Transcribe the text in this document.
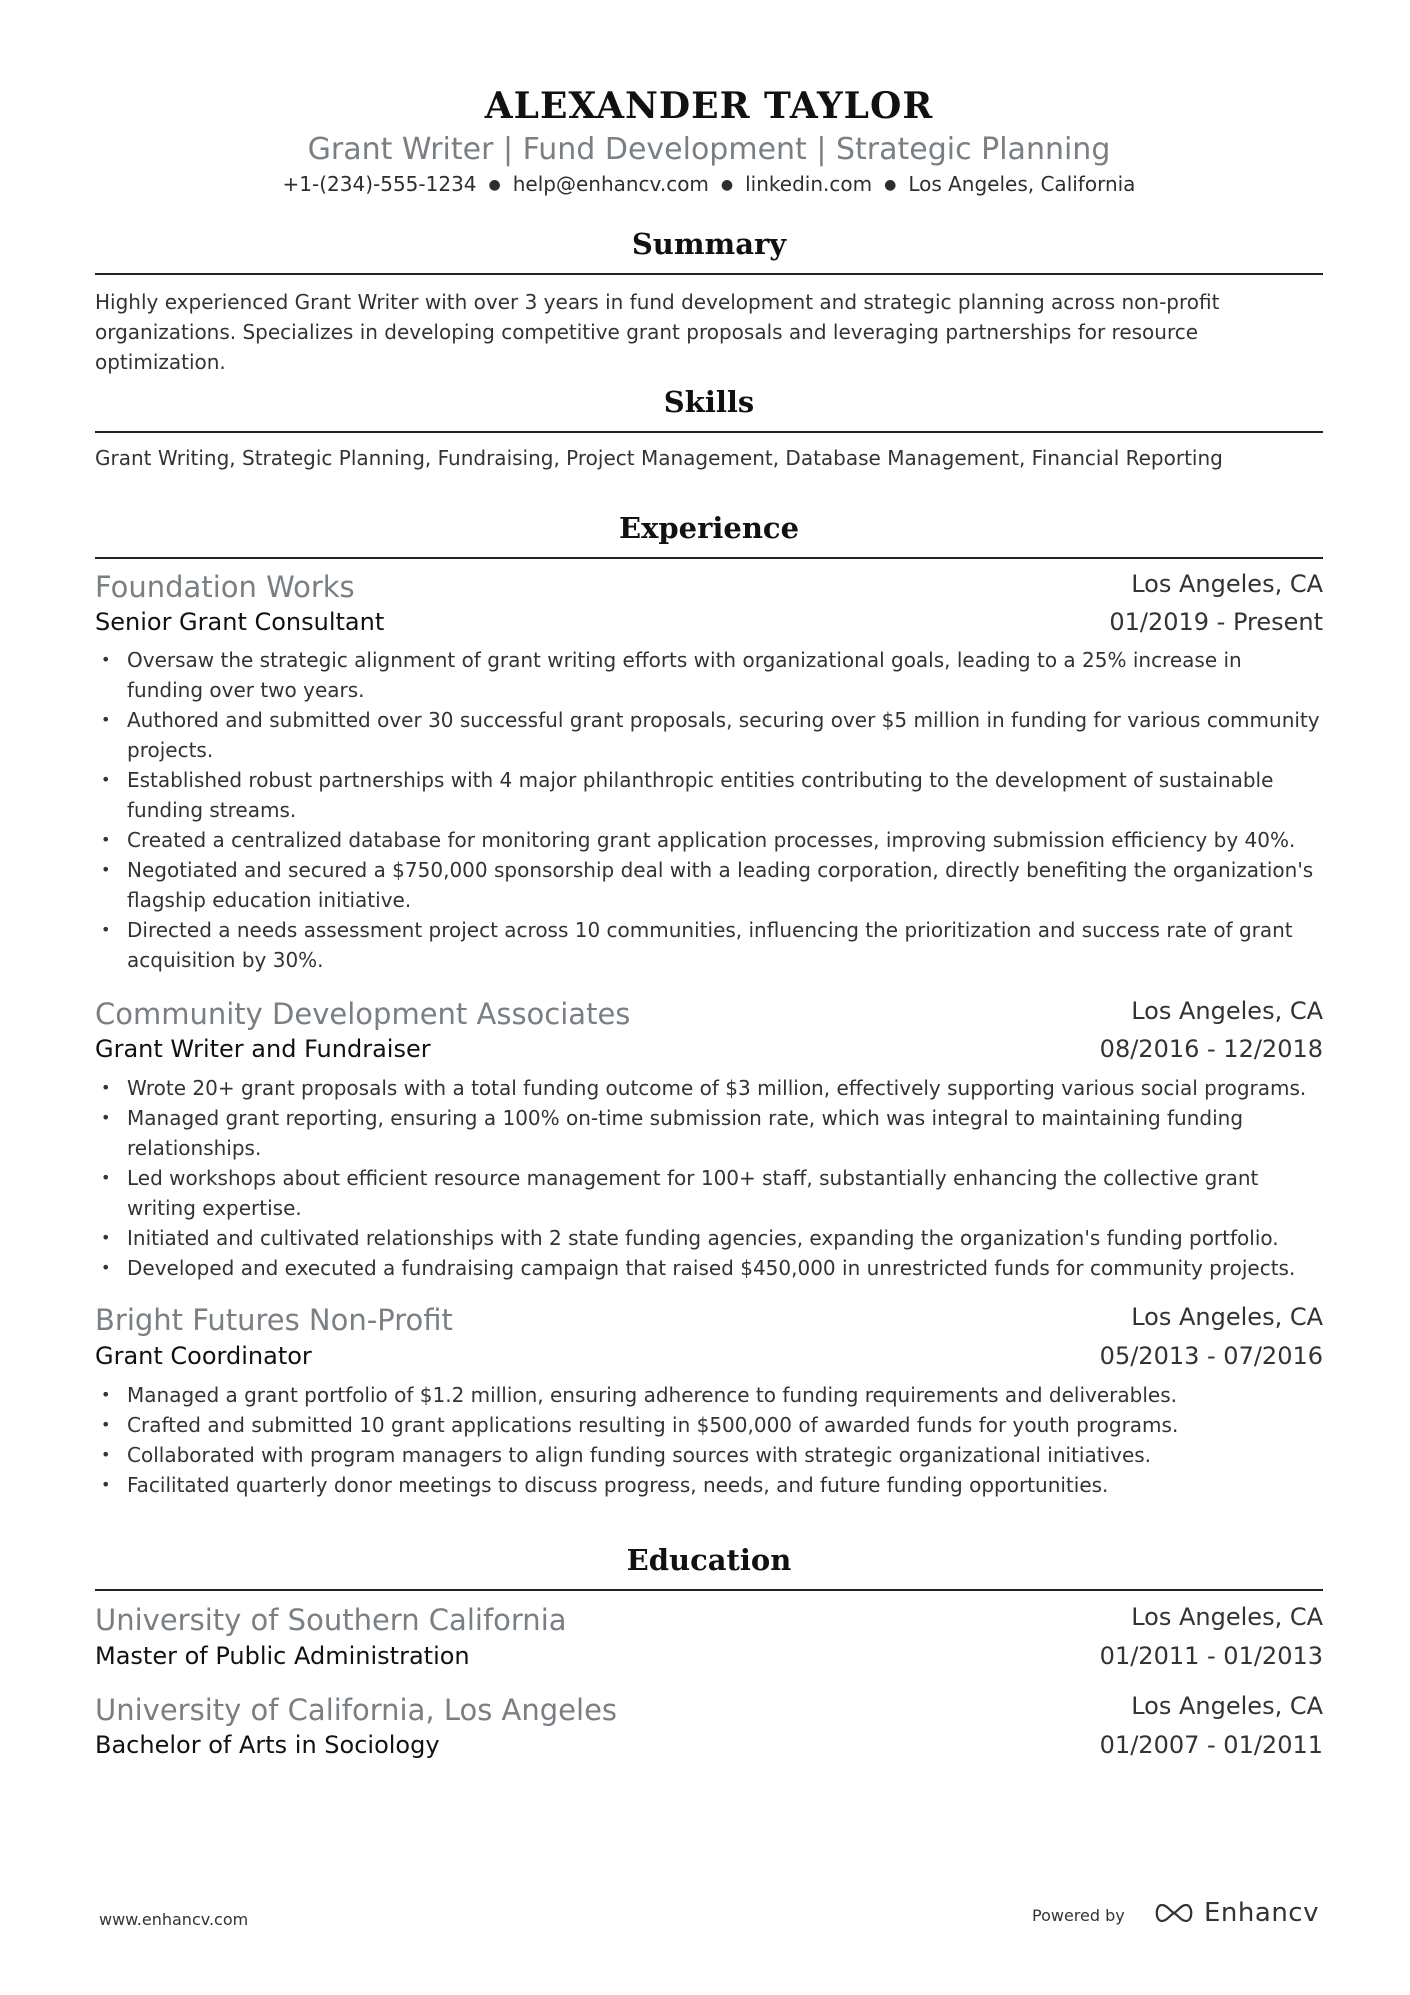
ALEXANDER TAYLOR
Grant Writer | Fund Development | Strategic Planning
+1-(234)-555-1234 ● help@enhancv.com ● linkedin.com ● Los Angeles, California
Summary
Highly experienced Grant Writer with over 3 years in fund development and strategic planning across non-profit organizations. Specializes in developing competitive grant proposals and leveraging partnerships for resource optimization.
Skills
Grant Writing, Strategic Planning, Fundraising, Project Management, Database Management, Financial Reporting
Experience
Foundation Works	Los Angeles, CA
Senior Grant Consultant	01/2019 - Present
• Oversaw the strategic alignment of grant writing efforts with organizational goals, leading to a 25% increase in funding over two years.
• Authored and submitted over 30 successful grant proposals, securing over $5 million in funding for various community projects.
• Established robust partnerships with 4 major philanthropic entities contributing to the development of sustainable funding streams.
• Created a centralized database for monitoring grant application processes, improving submission efficiency by 40%.
• Negotiated and secured a $750,000 sponsorship deal with a leading corporation, directly benefiting the organization's flagship education initiative.
• Directed a needs assessment project across 10 communities, influencing the prioritization and success rate of grant acquisition by 30%.
Community Development Associates	Los Angeles, CA
Grant Writer and Fundraiser	08/2016 - 12/2018
• Wrote 20+ grant proposals with a total funding outcome of $3 million, effectively supporting various social programs.
• Managed grant reporting, ensuring a 100% on-time submission rate, which was integral to maintaining funding relationships.
• Led workshops about efficient resource management for 100+ staff, substantially enhancing the collective grant writing expertise.
• Initiated and cultivated relationships with 2 state funding agencies, expanding the organization's funding portfolio.
• Developed and executed a fundraising campaign that raised $450,000 in unrestricted funds for community projects.
Bright Futures Non-Profit	Los Angeles, CA
Grant Coordinator	05/2013 - 07/2016
• Managed a grant portfolio of $1.2 million, ensuring adherence to funding requirements and deliverables.
• Crafted and submitted 10 grant applications resulting in $500,000 of awarded funds for youth programs.
• Collaborated with program managers to align funding sources with strategic organizational initiatives.
• Facilitated quarterly donor meetings to discuss progress, needs, and future funding opportunities.
Education
University of Southern California	Los Angeles, CA
Master of Public Administration	01/2011 - 01/2013
University of California, Los Angeles	Los Angeles, CA
Bachelor of Arts in Sociology	01/2007 - 01/2011
www.enhancv.com	Powered by	Enhancv
